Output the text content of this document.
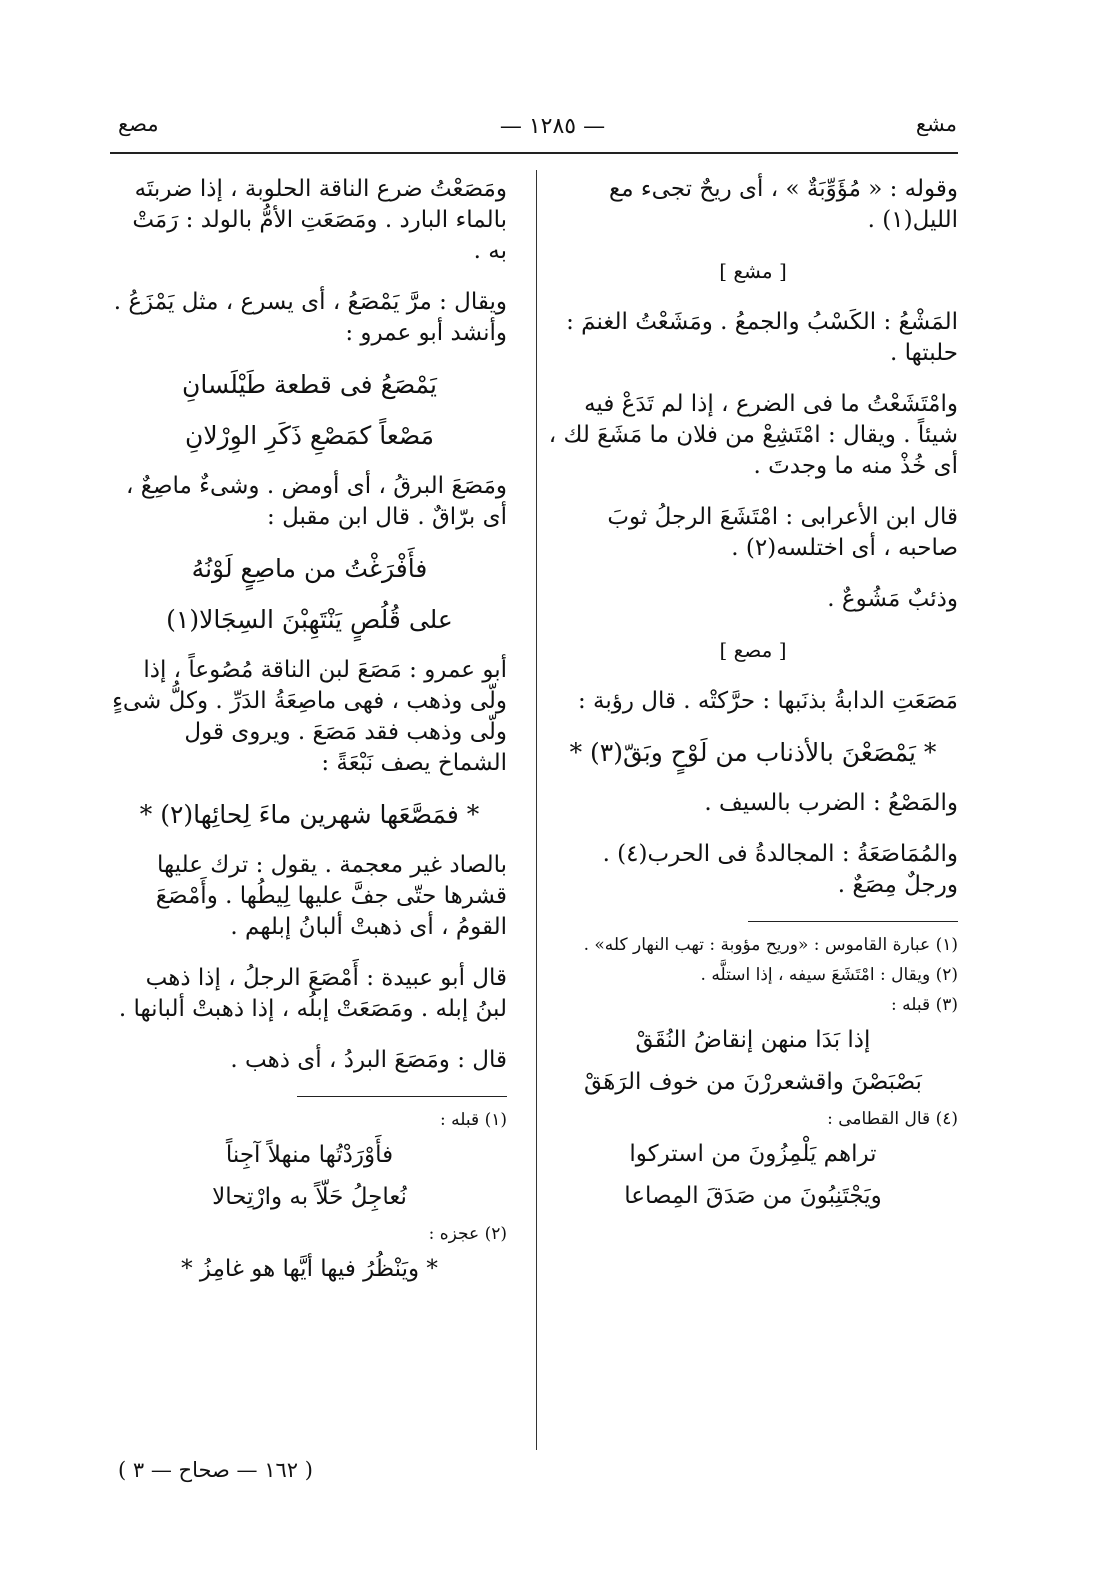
مشع
— ١٢٨٥ —
مصع

وقوله : « مُؤَوِّبَةٌ » ، أى ريحٌ تجىء مع الليل(١) .

[ مشع ]

المَشْعُ : الكَسْبُ والجمعُ . ومَشَعْتُ الغنمَ : حلبتها .

وامْتَشَعْتُ ما فى الضرع ، إذا لم تَدَعْ فيه شيئاً . ويقال : امْتَشِعْ من فلان ما مَشَعَ لك ، أى خُذْ منه ما وجدتَ .

قال ابن الأعرابى : امْتَشَعَ الرجلُ ثوبَ صاحبه ، أى اختلسه(٢) .

وذئبٌ مَشُوعٌ .

[ مصع ]

مَصَعَتِ الدابةُ بذنَبها : حرَّكتْه . قال رؤبة :

* يَمْصَعْنَ بالأذناب من لَوْحٍ وبَقّ(٣) *

والمَصْعُ : الضرب بالسيف .

والمُمَاصَعَةُ : المجالدةُ فى الحرب(٤) . ورجلٌ مِصَعٌ .

(١) عبارة القاموس : «وريح مؤوبة : تهب النهار كله» .

(٢) ويقال : امْتَشَعَ سيفه ، إذا استلَّه .

(٣) قبله :

إذا بَدَا منهن إنقاضُ النُقَقْ
بَصْبَصْنَ واقشعررْنَ من خوف الرَهَقْ

(٤) قال القطامى :

تراهم يَلْمِزُونَ من استركوا
ويَجْتَنِبُونَ من صَدَقَ المِصاعا

ومَصَعْتُ ضرع الناقة الحلوبة ، إذا ضربتَه بالماء البارد . ومَصَعَتِ الأمُّ بالولد : رَمَتْ به .

ويقال : مرَّ يَمْصَعُ ، أى يسرع ، مثل يَمْزَعُ . وأنشد أبو عمرو :

يَمْصَعُ فى قطعة طَيْلَسانِ
مَصْعاً كمَصْعِ ذَكَرِ الوِرْلانِ

ومَصَعَ البرقُ ، أى أومض . وشىءٌ ماصِعٌ ، أى برّاقٌ . قال ابن مقبل :

فأَفْرَغْتُ من ماصِعٍ لَوْنُهُ
على قُلُصٍ يَنْتَهِبْنَ السِجَالا(١)

أبو عمرو : مَصَعَ لبن الناقة مُصُوعاً ، إذا ولّى وذهب ، فهى ماصِعَةُ الدَرِّ . وكلُّ شىءٍ ولّى وذهب فقد مَصَعَ . ويروى قول الشماخ يصف نَبْعَةً :

* فمَصَّعَها شهرين ماءَ لِحائِها(٢) *

بالصاد غير معجمة . يقول : ترك عليها قشرها حتّى جفَّ عليها لِيطُها . وأَمْصَعَ القومُ ، أى ذهبتْ ألبانُ إبلهم .

قال أبو عبيدة : أَمْصَعَ الرجلُ ، إذا ذهب لبنُ إبله . ومَصَعَتْ إبلُه ، إذا ذهبتْ ألبانها .

قال : ومَصَعَ البردُ ، أى ذهب .

(١) قبله :

فأَوْرَدْتُها منهلاً آجِناً
نُعاجِلُ حَلّاً به وارْتِحالا

(٢) عجزه :

* ويَنْظُرُ فيها أيَّها هو غامِزُ *
( ١٦٢ — صحاح — ٣ )
